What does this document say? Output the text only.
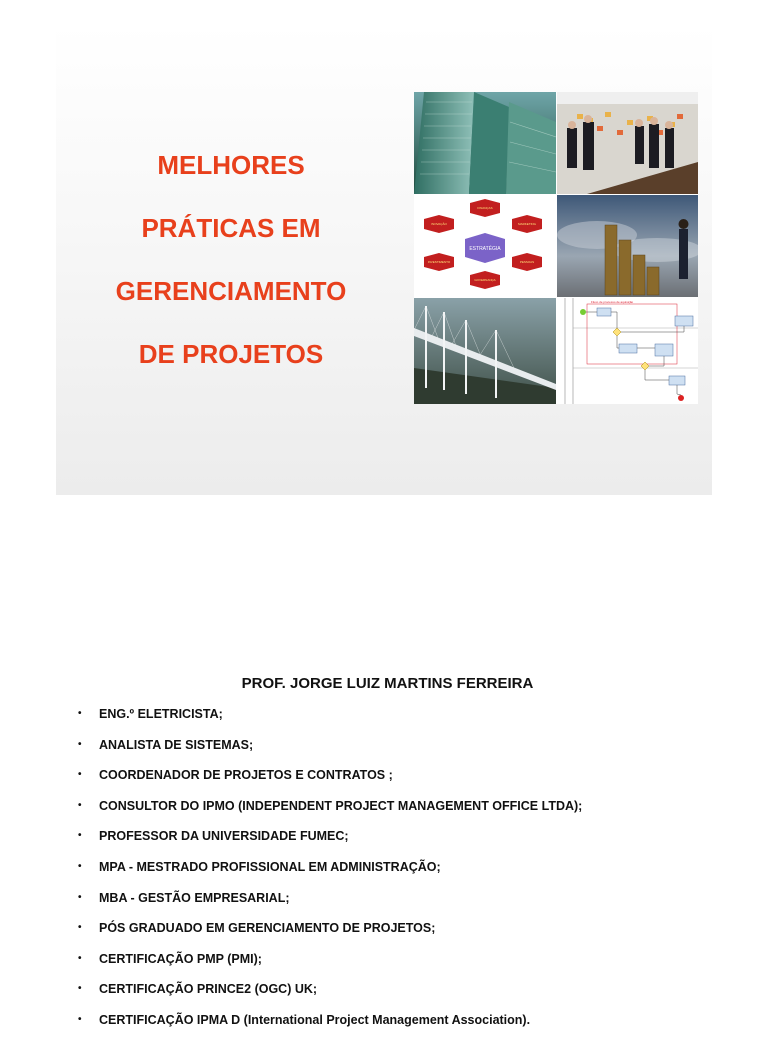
MELHORES
PRÁTICAS EM
GERENCIAMENTO
DE PROJETOS
ESTRATÉGIA
FINANÇAS
MARKETING
PESSOAS
GOVERNANÇA
INVESTIMENTO
INOVAÇÃO
Fluxo de processo de aquisição
PROF. JORGE LUIZ MARTINS FERREIRA
• ENG.º ELETRICISTA;
• ANALISTA DE SISTEMAS;
• COORDENADOR DE PROJETOS E CONTRATOS ;
• CONSULTOR DO IPMO (INDEPENDENT PROJECT MANAGEMENT OFFICE LTDA);
• PROFESSOR DA UNIVERSIDADE FUMEC;
• MPA - MESTRADO PROFISSIONAL EM ADMINISTRAÇÃO;
• MBA - GESTÃO EMPRESARIAL;
• PÓS GRADUADO EM GERENCIAMENTO DE PROJETOS;
• CERTIFICAÇÃO PMP (PMI);
• CERTIFICAÇÃO PRINCE2 (OGC) UK;
• CERTIFICAÇÃO IPMA D (International Project Management Association).
